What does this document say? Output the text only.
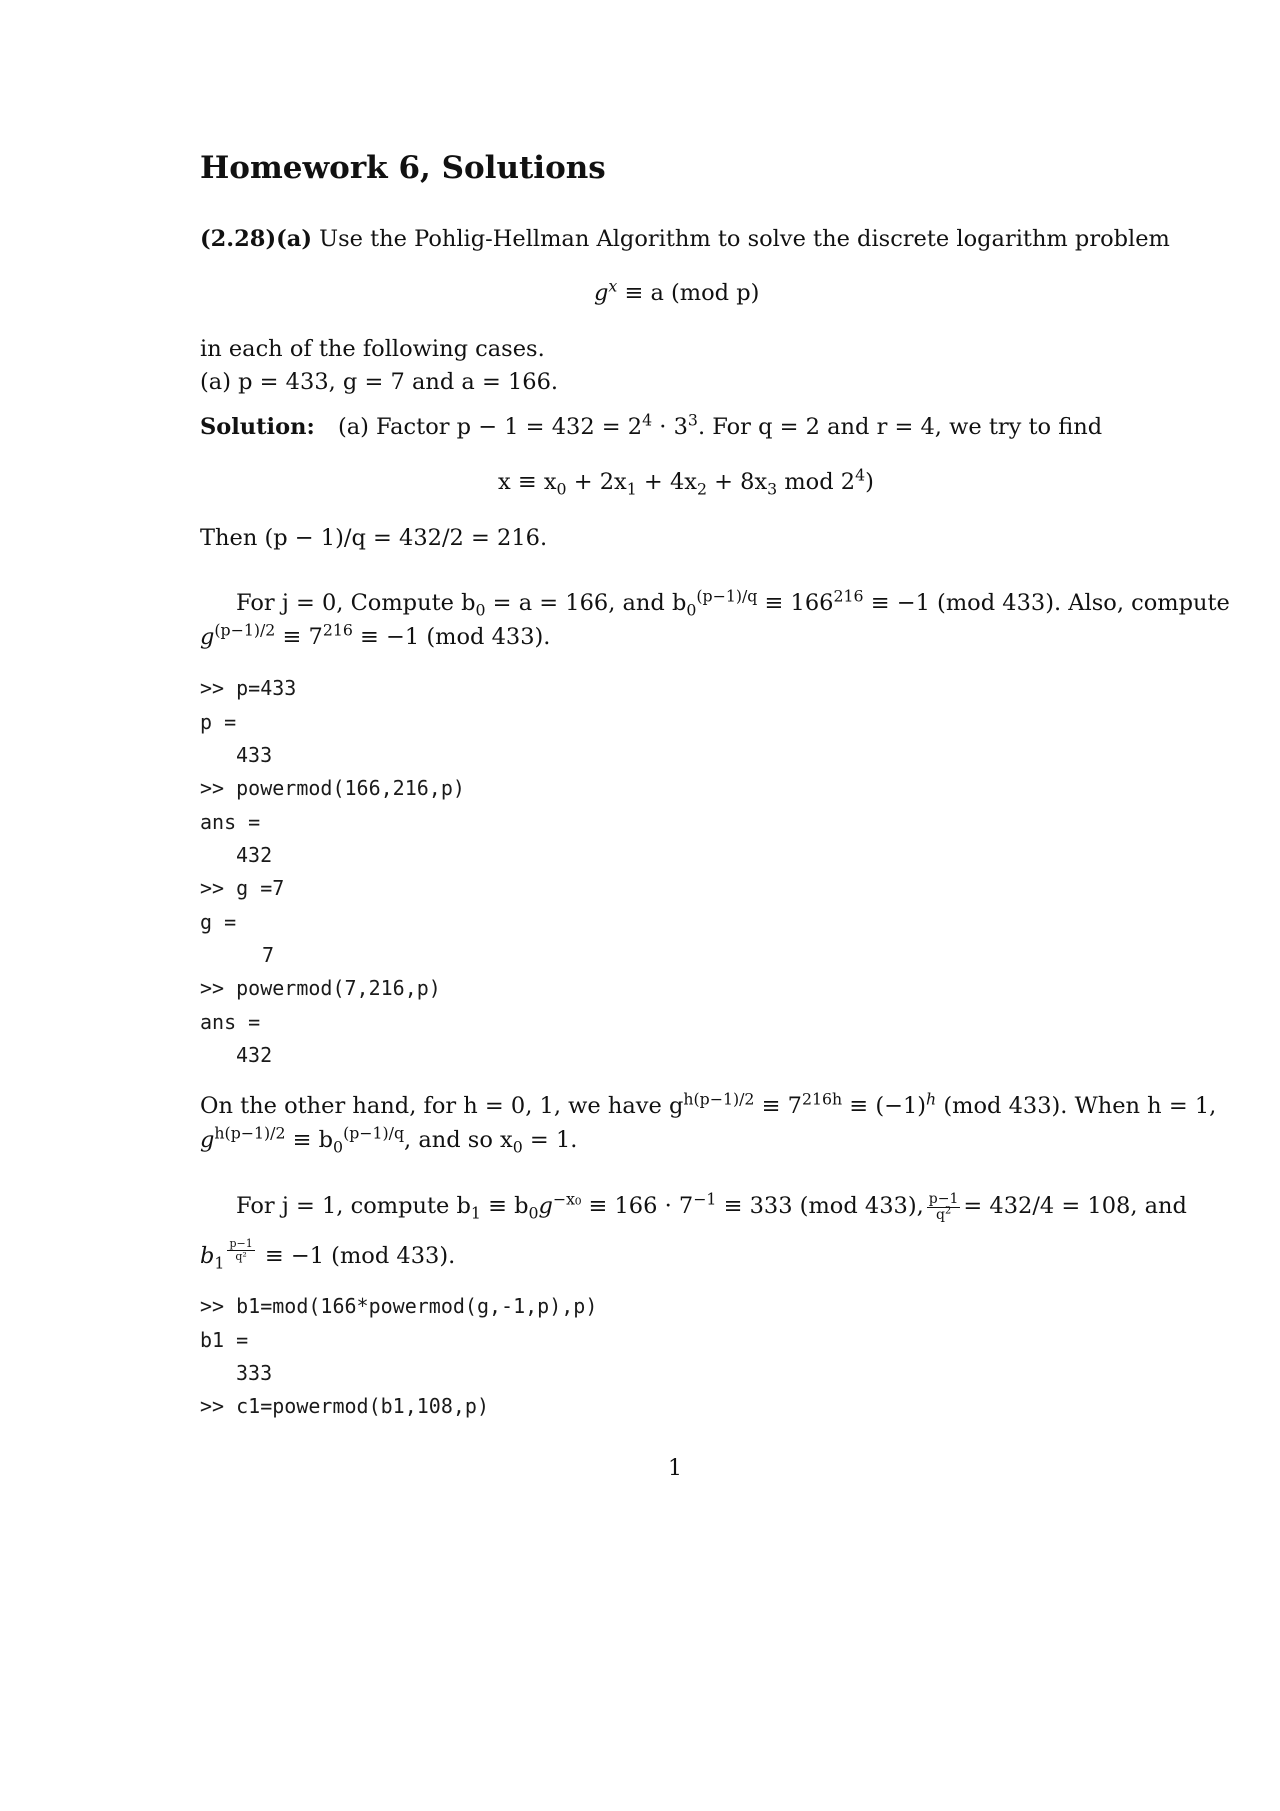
Homework 6, Solutions
(2.28)(a) Use the Pohlig-Hellman Algorithm to solve the discrete logarithm problem
$g^x \equiv a$ (mod p)
in each of the following cases.
(a) p = 433, g = 7 and a = 166.
Solution: (a) Factor $p - 1 = 432 = 2^4 \cdot 3^3$. For q = 2 and r = 4, we try to find
$x \equiv x_0 + 2x_1 + 4x_2 + 8x_3$ mod $2^4$)
Then (p − 1)/q = 432/2 = 216.
For j = 0, Compute $b_0 = a = 166$, and $b_0^{(p-1)/q} \equiv 166^{216} \equiv -1$ (mod 433). Also, compute
$g^{(p-1)/2} \equiv 7^{216} \equiv -1$ (mod 433).
>> p=433
p =
433
>> powermod(166,216,p)
ans =
432
>> g =7
g =
7
>> powermod(7,216,p)
ans =
432
On the other hand, for h = 0, 1, we have $g^{h(p-1)/2} \equiv 7^{216h} \equiv (-1)^h$ (mod 433). When h = 1,
$g^{h(p-1)/2} \equiv b_0^{(p-1)/q}$, and so $x_0 = 1$.
For j = 1, compute $b_1 \equiv b_0g^{-x_0} \equiv 166 \cdot 7^{-1} \equiv 333$ (mod 433), $\frac{p-1}{q^2} = 432/4 = 108$, and
$b_1$
$^{\frac{p-1}{\text{q²}}}$ ≡ −1 (mod 433).
>> b1=mod(166*powermod(g,-1,p),p)
b1 =
333
>> c1=powermod(b1,108,p)
1
